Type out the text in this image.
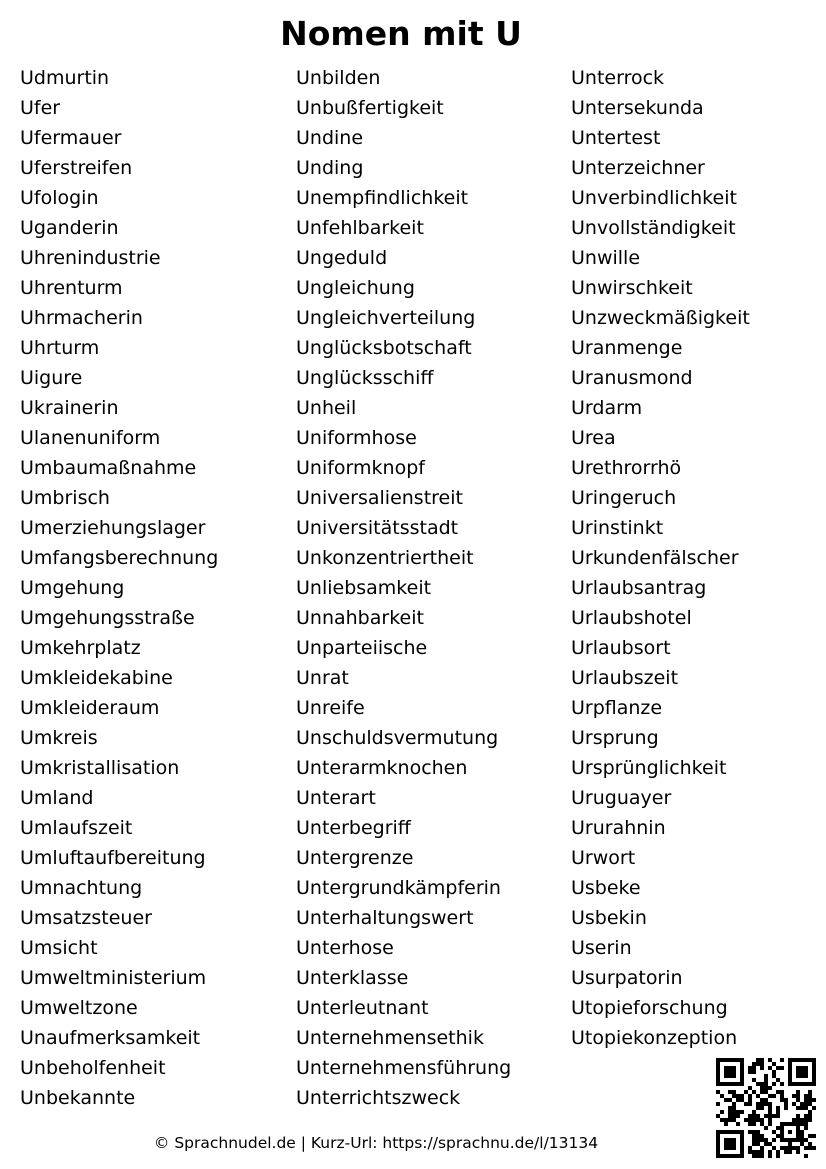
Nomen mit U
Udmurtin
Ufer
Ufermauer
Uferstreifen
Ufologin
Uganderin
Uhrenindustrie
Uhrenturm
Uhrmacherin
Uhrturm
Uigure
Ukrainerin
Ulanenuniform
Umbaumaßnahme
Umbrisch
Umerziehungslager
Umfangsberechnung
Umgehung
Umgehungsstraße
Umkehrplatz
Umkleidekabine
Umkleideraum
Umkreis
Umkristallisation
Umland
Umlaufszeit
Umluftaufbereitung
Umnachtung
Umsatzsteuer
Umsicht
Umweltministerium
Umweltzone
Unaufmerksamkeit
Unbeholfenheit
Unbekannte
Unbilden
Unbußfertigkeit
Undine
Unding
Unempfindlichkeit
Unfehlbarkeit
Ungeduld
Ungleichung
Ungleichverteilung
Unglücksbotschaft
Unglücksschiff
Unheil
Uniformhose
Uniformknopf
Universalienstreit
Universitätsstadt
Unkonzentriertheit
Unliebsamkeit
Unnahbarkeit
Unparteiische
Unrat
Unreife
Unschuldsvermutung
Unterarmknochen
Unterart
Unterbegriff
Untergrenze
Untergrundkämpferin
Unterhaltungswert
Unterhose
Unterklasse
Unterleutnant
Unternehmensethik
Unternehmensführung
Unterrichtszweck
Unterrock
Untersekunda
Untertest
Unterzeichner
Unverbindlichkeit
Unvollständigkeit
Unwille
Unwirschkeit
Unzweckmäßigkeit
Uranmenge
Uranusmond
Urdarm
Urea
Urethrorrhö
Uringeruch
Urinstinkt
Urkundenfälscher
Urlaubsantrag
Urlaubshotel
Urlaubsort
Urlaubszeit
Urpflanze
Ursprung
Ursprünglichkeit
Uruguayer
Ururahnin
Urwort
Usbeke
Usbekin
Userin
Usurpatorin
Utopieforschung
Utopiekonzeption
© Sprachnudel.de | Kurz-Url: https://sprachnu.de/l/13134
